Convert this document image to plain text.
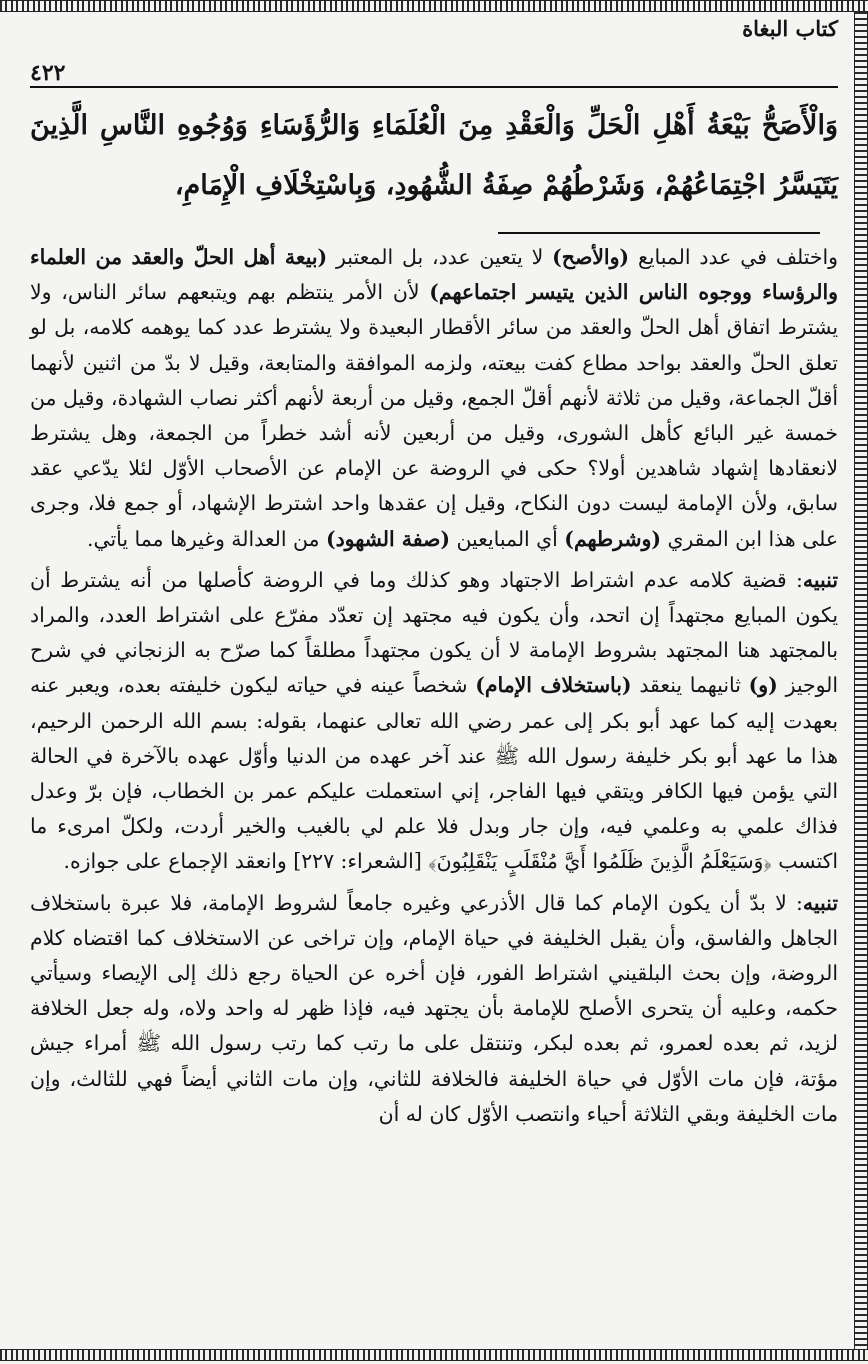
كتاب البغاة
٤٢٢
وَالْأَصَحُّ بَيْعَةُ أَهْلِ الْحَلِّ وَالْعَقْدِ مِنَ الْعُلَمَاءِ وَالرُّؤَسَاءِ وَوُجُوهِ النَّاسِ الَّذِينَ يَتَيَسَّرُ اجْتِمَاعُهُمْ، وَشَرْطُهُمْ صِفَةُ الشُّهُودِ، وَبِاسْتِخْلَافِ الْإِمَامِ،

واختلف في عدد المبايع (والأصح) لا يتعين عدد، بل المعتبر (بيعة أهل الحلّ والعقد من العلماء والرؤساء ووجوه الناس الذين يتيسر اجتماعهم) لأن الأمر ينتظم بهم ويتبعهم سائر الناس، ولا يشترط اتفاق أهل الحلّ والعقد من سائر الأقطار البعيدة ولا يشترط عدد كما يوهمه كلامه، بل لو تعلق الحلّ والعقد بواحد مطاع كفت بيعته، ولزمه الموافقة والمتابعة، وقيل لا بدّ من اثنين لأنهما أقلّ الجماعة، وقيل من ثلاثة لأنهم أقلّ الجمع، وقيل من أربعة لأنهم أكثر نصاب الشهادة، وقيل من خمسة غير البائع كأهل الشورى، وقيل من أربعين لأنه أشد خطراً من الجمعة، وهل يشترط لانعقادها إشهاد شاهدين أولا؟ حكى في الروضة عن الإمام عن الأصحاب الأوّل لئلا يدّعي عقد سابق، ولأن الإمامة ليست دون النكاح، وقيل إن عقدها واحد اشترط الإشهاد، أو جمع فلا، وجرى على هذا ابن المقري (وشرطهم) أي المبايعين (صفة الشهود) من العدالة وغيرها مما يأتي.

تنبيه: قضية كلامه عدم اشتراط الاجتهاد وهو كذلك وما في الروضة كأصلها من أنه يشترط أن يكون المبايع مجتهداً إن اتحد، وأن يكون فيه مجتهد إن تعدّد مفرّع على اشتراط العدد، والمراد بالمجتهد هنا المجتهد بشروط الإمامة لا أن يكون مجتهداً مطلقاً كما صرّح به الزنجاني في شرح الوجيز (و) ثانيهما ينعقد (باستخلاف الإمام) شخصاً عينه في حياته ليكون خليفته بعده، ويعبر عنه بعهدت إليه كما عهد أبو بكر إلى عمر رضي الله تعالى عنهما، بقوله: بسم الله الرحمن الرحيم، هذا ما عهد أبو بكر خليفة رسول الله ﷺ عند آخر عهده من الدنيا وأوّل عهده بالآخرة في الحالة التي يؤمن فيها الكافر ويتقي فيها الفاجر، إني استعملت عليكم عمر بن الخطاب، فإن برّ وعدل فذاك علمي به وعلمي فيه، وإن جار وبدل فلا علم لي بالغيب والخير أردت، ولكلّ امرىء ما اكتسب ﴿وَسَيَعْلَمُ الَّذِينَ ظَلَمُوا أَيَّ مُنْقَلَبٍ يَنْقَلِبُونَ﴾ [الشعراء: ٢٢٧] وانعقد الإجماع على جوازه.

تنبيه: لا بدّ أن يكون الإمام كما قال الأذرعي وغيره جامعاً لشروط الإمامة، فلا عبرة باستخلاف الجاهل والفاسق، وأن يقبل الخليفة في حياة الإمام، وإن تراخى عن الاستخلاف كما اقتضاه كلام الروضة، وإن بحث البلقيني اشتراط الفور، فإن أخره عن الحياة رجع ذلك إلى الإيصاء وسيأتي حكمه، وعليه أن يتحرى الأصلح للإمامة بأن يجتهد فيه، فإذا ظهر له واحد ولاه، وله جعل الخلافة لزيد، ثم بعده لعمرو، ثم بعده لبكر، وتنتقل على ما رتب كما رتب رسول الله ﷺ أمراء جيش مؤتة، فإن مات الأوّل في حياة الخليفة فالخلافة للثاني، وإن مات الثاني أيضاً فهي للثالث، وإن مات الخليفة وبقي الثلاثة أحياء وانتصب الأوّل كان له أن
